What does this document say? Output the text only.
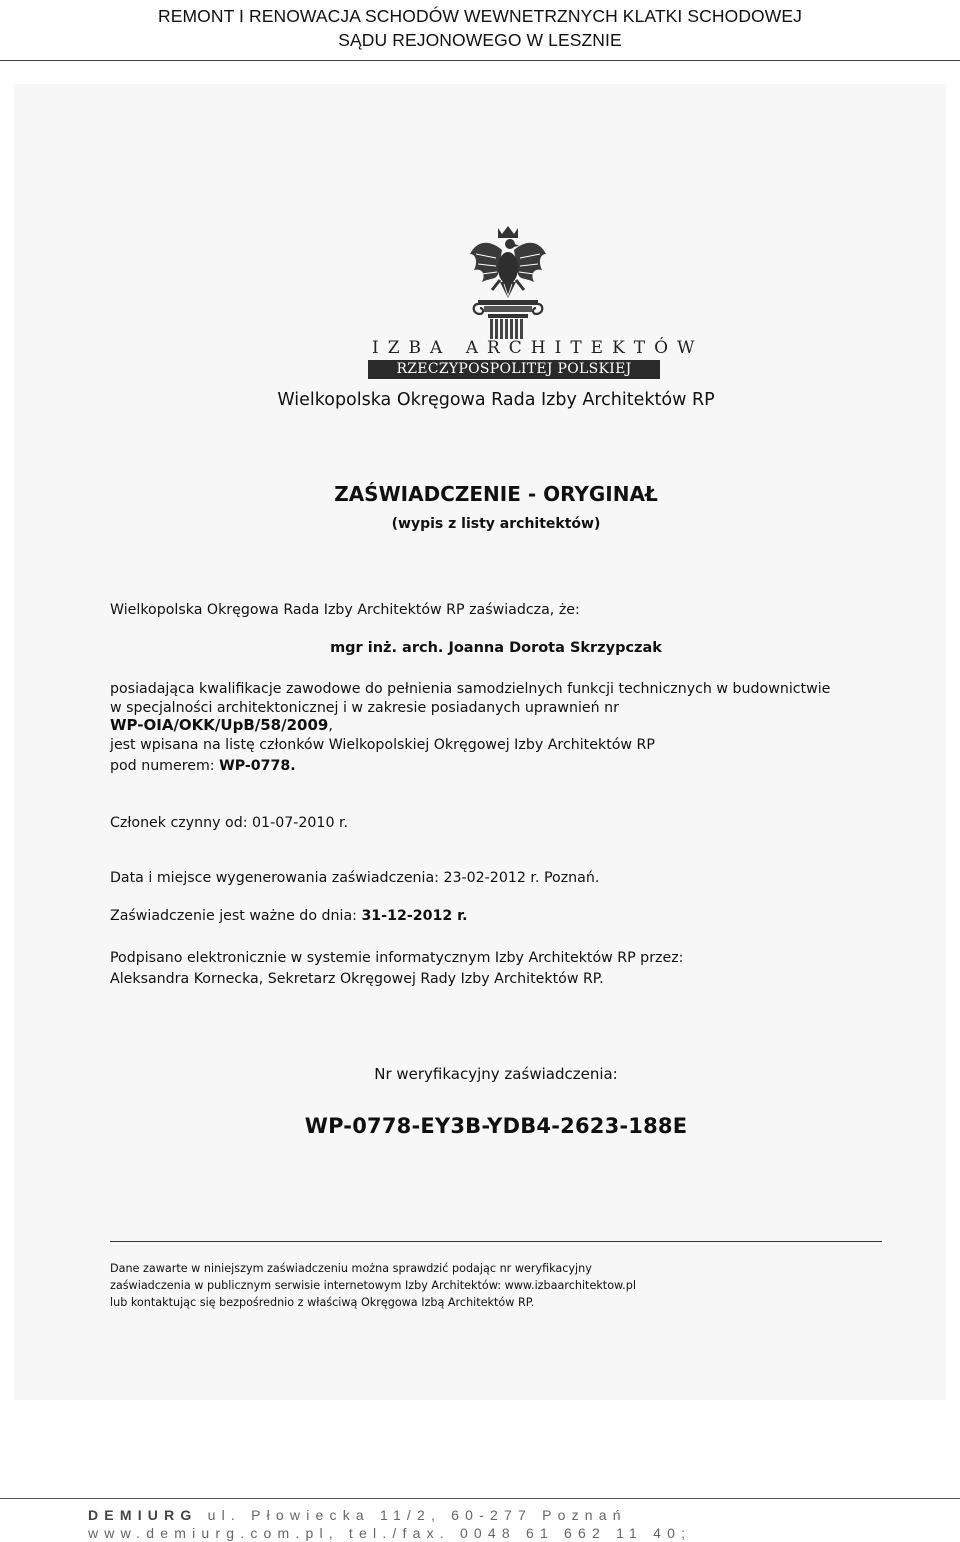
REMONT I RENOWACJA SCHODÓW WEWNETRZNYCH KLATKI SCHODOWEJ
SĄDU REJONOWEGO W LESZNIE
IZBA ARCHITEKTÓW
RZECZYPOSPOLITEJ POLSKIEJ
Wielkopolska Okręgowa Rada Izby Architektów RP
ZAŚWIADCZENIE - ORYGINAŁ
(wypis z listy architektów)
Wielkopolska Okręgowa Rada Izby Architektów RP zaświadcza, że:
mgr inż. arch. Joanna Dorota Skrzypczak
posiadająca kwalifikacje zawodowe do pełnienia samodzielnych funkcji technicznych w budownictwie
w specjalności architektonicznej i w zakresie posiadanych uprawnień nr
WP-OIA/OKK/UpB/58/2009,
jest wpisana na listę członków Wielkopolskiej Okręgowej Izby Architektów RP
pod numerem: WP-0778.
Członek czynny od: 01-07-2010 r.
Data i miejsce wygenerowania zaświadczenia: 23-02-2012 r. Poznań.
Zaświadczenie jest ważne do dnia: 31-12-2012 r.
Podpisano elektronicznie w systemie informatycznym Izby Architektów RP przez:
Aleksandra Kornecka, Sekretarz Okręgowej Rady Izby Architektów RP.
Nr weryfikacyjny zaświadczenia:
WP-0778-EY3B-YDB4-2623-188E
Dane zawarte w niniejszym zaświadczeniu można sprawdzić podając nr weryfikacyjny
zaświadczenia w publicznym serwisie internetowym Izby Architektów: www.izbaarchitektow.pl
lub kontaktując się bezpośrednio z właściwą Okręgowa Izbą Architektów RP.
DEMIURG ul. Płowiecka 11/2, 60-277 Poznań
www.demiurg.com.pl, tel./fax. 0048 61 662 11 40;
